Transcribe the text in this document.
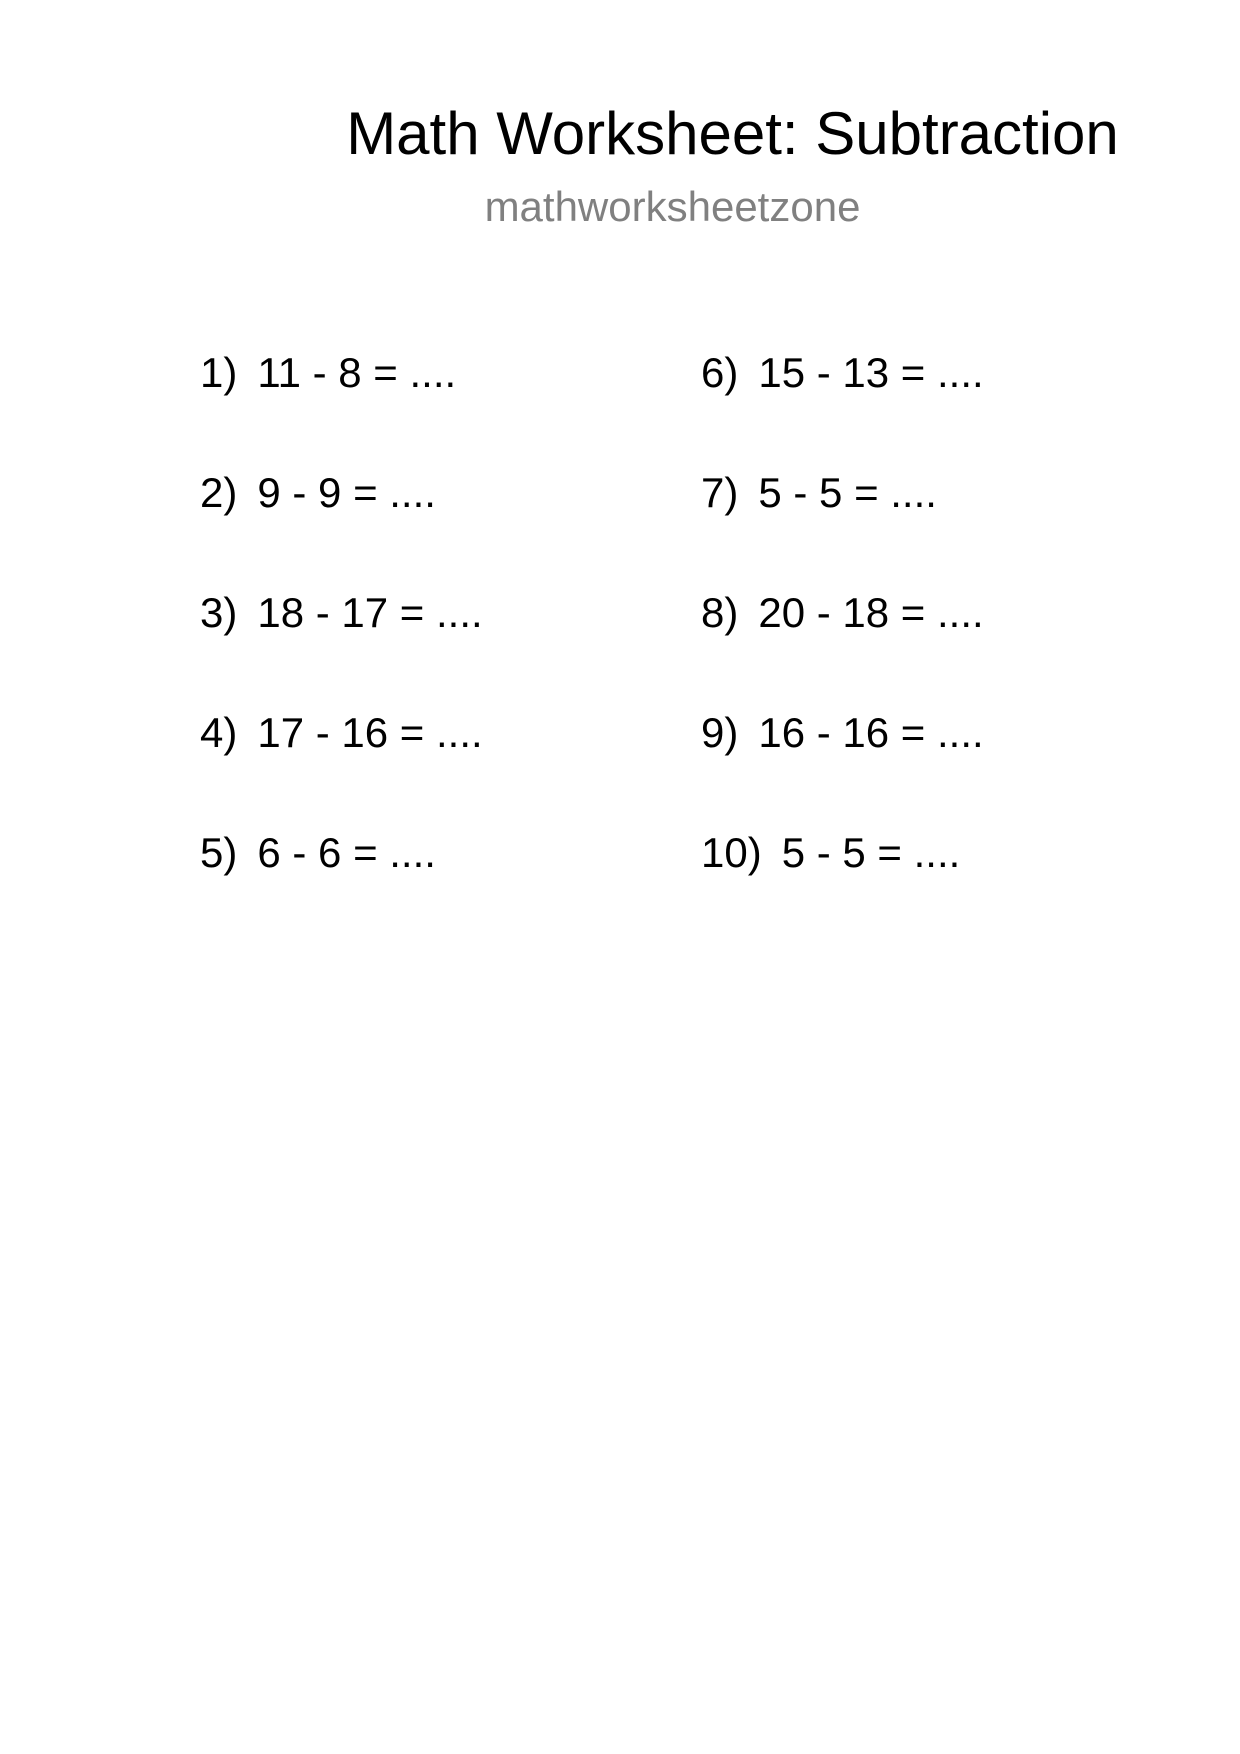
Math Worksheet: Subtraction
mathworksheetzone
1) 11 - 8 = ....
2) 9 - 9 = ....
3) 18 - 17 = ....
4) 17 - 16 = ....
5) 6 - 6 = ....
6) 15 - 13 = ....
7) 5 - 5 = ....
8) 20 - 18 = ....
9) 16 - 16 = ....
10) 5 - 5 = ....
